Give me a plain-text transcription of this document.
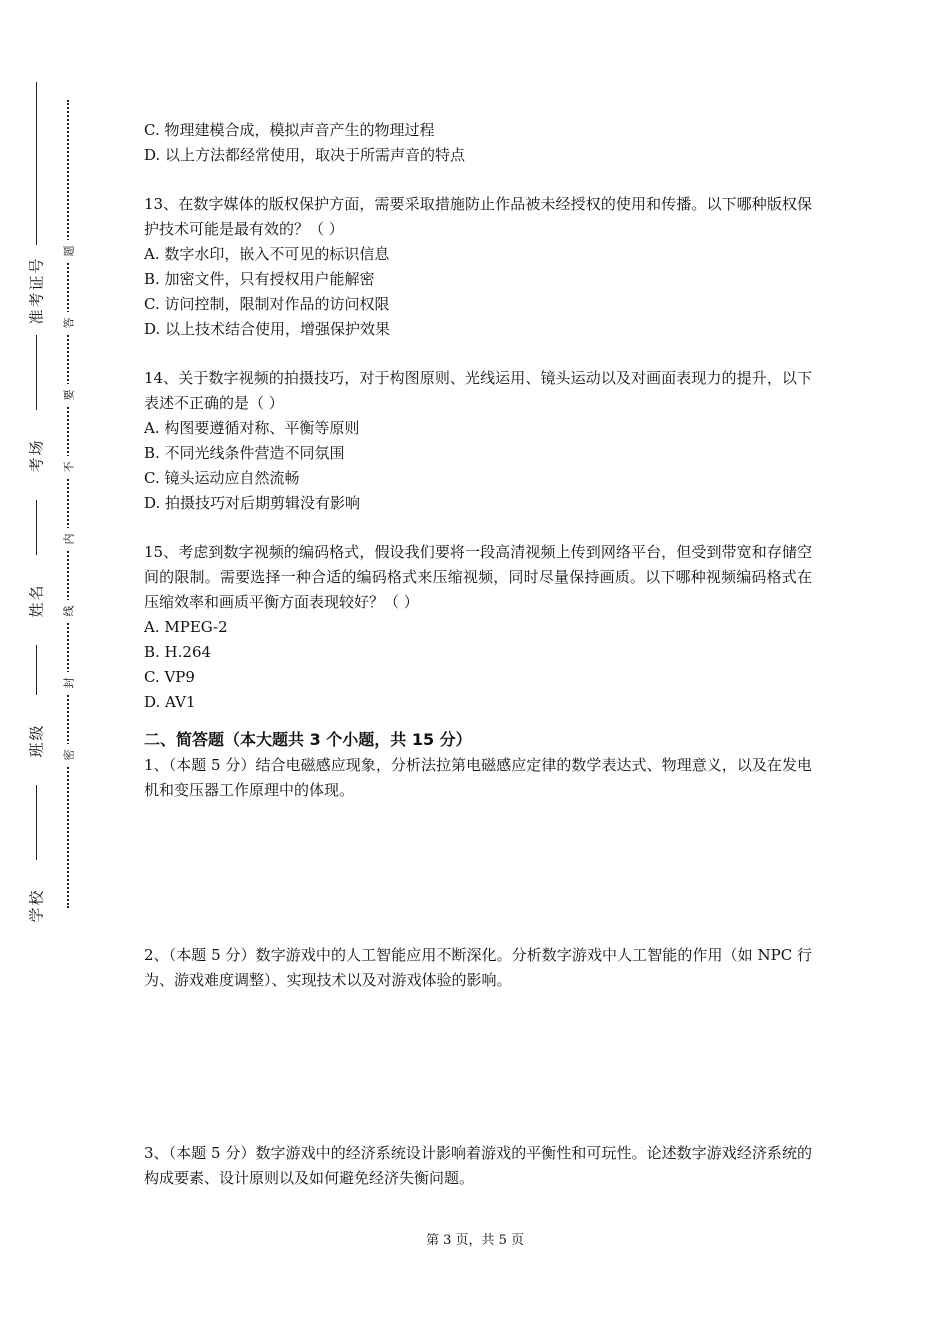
准考证号
考场
姓名
班级
学校
题
答
要
不
内
线
封
密
C. 物理建模合成，模拟声音产生的物理过程
D. 以上方法都经常使用，取决于所需声音的特点
13、在数字媒体的版权保护方面，需要采取措施防止作品被未经授权的使用和传播。以下哪种版权保护技术可能是最有效的？（ ）
A. 数字水印，嵌入不可见的标识信息
B. 加密文件，只有授权用户能解密
C. 访问控制，限制对作品的访问权限
D. 以上技术结合使用，增强保护效果
14、关于数字视频的拍摄技巧，对于构图原则、光线运用、镜头运动以及对画面表现力的提升，以下表述不正确的是（ ）
A. 构图要遵循对称、平衡等原则
B. 不同光线条件营造不同氛围
C. 镜头运动应自然流畅
D. 拍摄技巧对后期剪辑没有影响
15、考虑到数字视频的编码格式，假设我们要将一段高清视频上传到网络平台，但受到带宽和存储空间的限制。需要选择一种合适的编码格式来压缩视频，同时尽量保持画质。以下哪种视频编码格式在压缩效率和画质平衡方面表现较好？（ ）
A. MPEG-2
B. H.264
C. VP9
D. AV1
二、简答题（本大题共 3 个小题，共 15 分）
1、（本题 5 分）结合电磁感应现象，分析法拉第电磁感应定律的数学表达式、物理意义，以及在发电机和变压器工作原理中的体现。
2、（本题 5 分）数字游戏中的人工智能应用不断深化。分析数字游戏中人工智能的作用（如 NPC 行为、游戏难度调整）、实现技术以及对游戏体验的影响。
3、（本题 5 分）数字游戏中的经济系统设计影响着游戏的平衡性和可玩性。论述数字游戏经济系统的构成要素、设计原则以及如何避免经济失衡问题。
第 3 页，共 5 页
